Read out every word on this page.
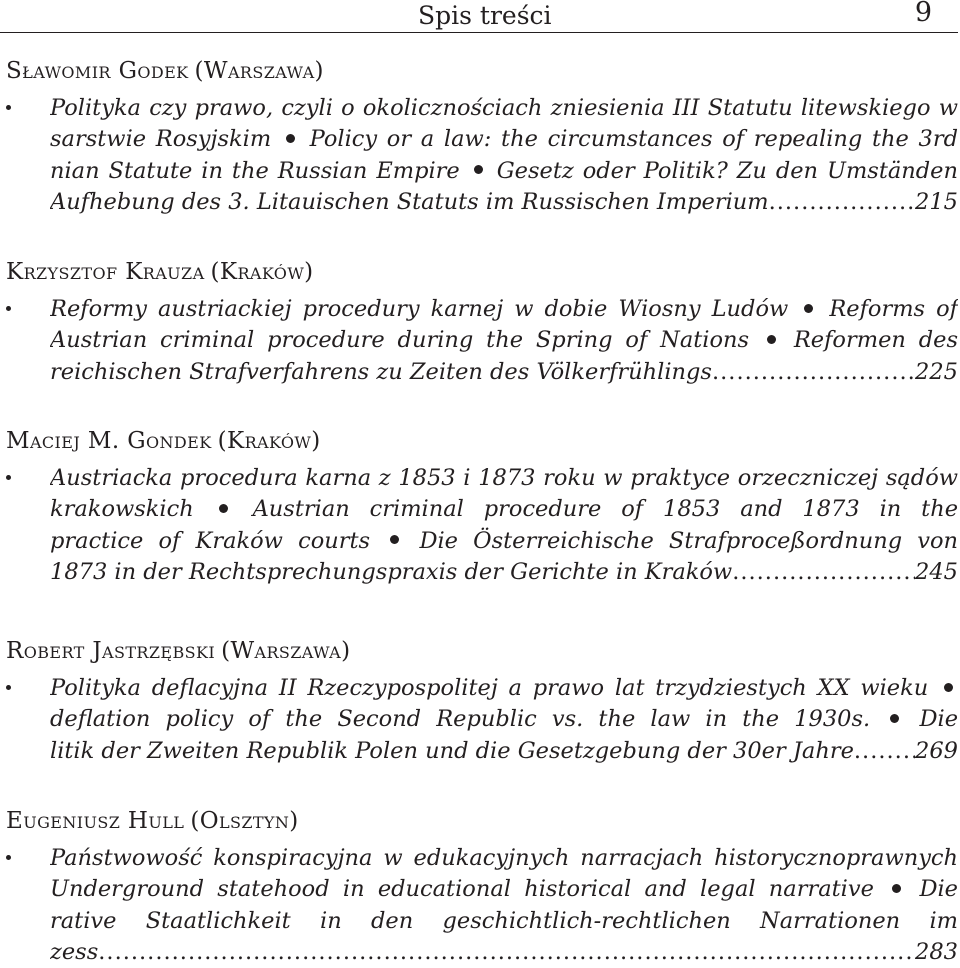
Spis treści	9
Sławomir Godek (Warszawa)
Polityka czy prawo, czyli o okolicznościach zniesienia III Statutu litewskiego w
sarstwie Rosyjskim Policy or a law: the circumstances of repealing the 3rd
nian Statute in the Russian Empire Gesetz oder Politik? Zu den Umständen
Aufhebung des 3. Litauischen Statuts im Russischen Imperium .....	215
Krzysztof Krauza (Kraków)
Reformy austriackiej procedury karnej w dobie Wiosny Ludów Reforms of
Austrian criminal procedure during the Spring of Nations Reformen des
reichischen Strafverfahrens zu Zeiten des Völkerfrühlings .....	225
Maciej M. Gondek (Kraków)
Austriacka procedura karna z 1853 i 1873 roku w praktyce orzeczniczej sądów
krakowskich	Austrian criminal procedure of 1853 and 1873 in the
practice of Kraków courts Die Österreichische Strafproceßordnung von
1873 in der Rechtsprechungspraxis der Gerichte in Kraków .....	245
Robert Jastrzębski (Warszawa)
Polityka deflacyjna II Rzeczypospolitej a prawo lat trzydziestych XX wieku
deflation policy of the Second Republic vs. the law in the 1930s. Die
litik der Zweiten Republik Polen und die Gesetzgebung der 30er Jahre .....	269
Eugeniusz Hull (Olsztyn)
Państwowość konspiracyjna w edukacyjnych narracjach historycznoprawnych
Underground statehood in educational historical and legal narrative Die
rative Staatlichkeit in den geschichtlich-rechtlichen Narrationen im
zess .....	283
